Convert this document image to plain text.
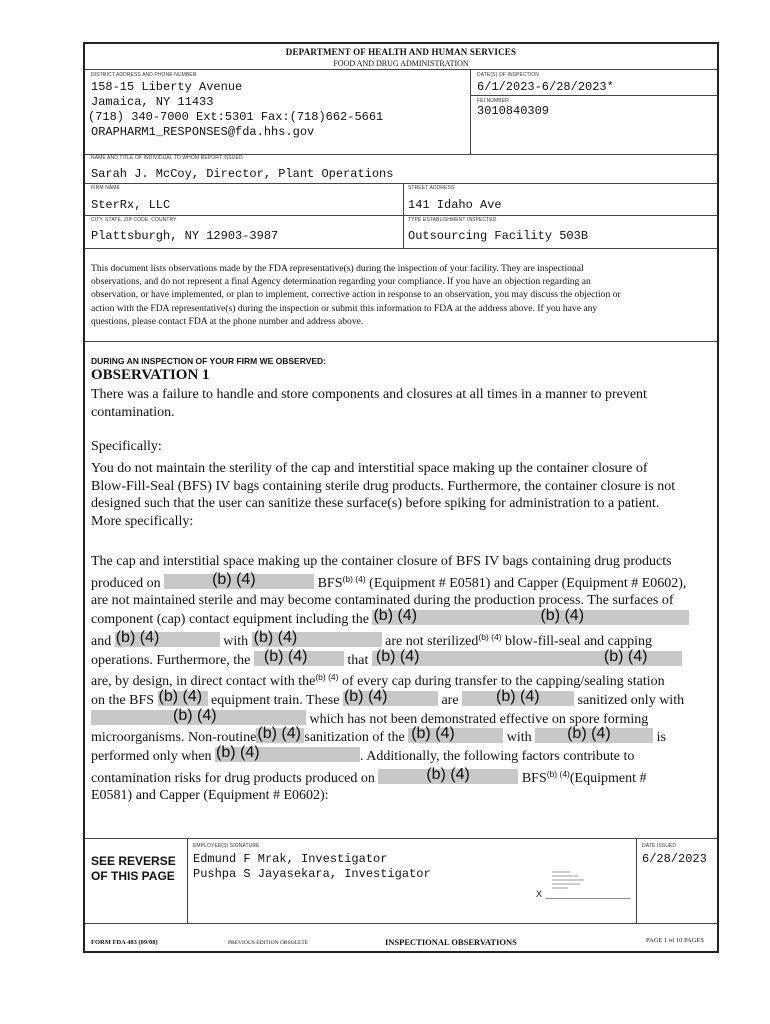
DEPARTMENT OF HEALTH AND HUMAN SERVICES
FOOD AND DRUG ADMINISTRATION
DISTRICT ADDRESS AND PHONE NUMBER
158-15 Liberty Avenue
Jamaica, NY 11433
(718) 340-7000 Ext:5301 Fax:(718)662-5661
ORAPHARM1_RESPONSES@fda.hhs.gov
DATE(S) OF INSPECTION
6/1/2023-6/28/2023*
FEI NUMBER
3010840309
NAME AND TITLE OF INDIVIDUAL TO WHOM REPORT ISSUED
Sarah J. McCoy, Director, Plant Operations
FIRM NAME
SterRx, LLC
STREET ADDRESS
141 Idaho Ave
CITY, STATE, ZIP CODE, COUNTRY
Plattsburgh, NY 12903-3987
TYPE ESTABLISHMENT INSPECTED
Outsourcing Facility 503B
This document lists observations made by the FDA representative(s) during the inspection of your facility. They are inspectional
observations, and do not represent a final Agency determination regarding your compliance. If you have an objection regarding an
observation, or have implemented, or plan to implement, corrective action in response to an observation, you may discuss the objection or
action with the FDA representative(s) during the inspection or submit this information to FDA at the address above. If you have any
questions, please contact FDA at the phone number and address above.
DURING AN INSPECTION OF YOUR FIRM WE OBSERVED:
OBSERVATION 1
There was a failure to handle and store components and closures at all times in a manner to prevent
contamination.
Specifically:
You do not maintain the sterility of the cap and interstitial space making up the container closure of
Blow-Fill-Seal (BFS) IV bags containing sterile drug products. Furthermore, the container closure is not
designed such that the user can sanitize these surface(s) before spiking for administration to a patient.
More specifically:
The cap and interstitial space making up the container closure of BFS IV bags containing drug products
produced on	(b) (4)	$BFS^{(b) (4)}$ (Equipment # E0581) and Capper (Equipment # E0602),
are not maintained sterile and may become contaminated during the production process. The surfaces of
component (cap) contact equipment including the (b) (4)	(b) (4)
and (b) (4)	with (b) (4)	are not sterilized$^{(b) (4)}$ blow-fill-seal and capping
operations. Furthermore, the (b) (4)	that (b) (4)	(b) (4)
are, by design, in direct contact with the$^{(b) (4)}$ of every cap during transfer to the capping/sealing station
on the BFS (b) (4) equipment train. These (b) (4)	are (b) (4)	sanitized only with
(b) (4)	which has not been demonstrated effective on spore forming
microorganisms. Non-routine (b) (4) sanitization of the (b) (4)	with (b) (4)	is
performed only when (b) (4)	. Additionally, the following factors contribute to
contamination risks for drug products produced on	(b) (4)	$BFS^{(b) (4)}(Equipment$ #
E0581) and Capper (Equipment # E0602):
SEE REVERSE
OF THIS PAGE
EMPLOYEE(S) SIGNATURE
Edmund F Mrak, Investigator
Pushpa S Jayasekara, Investigator
X
DATE ISSUED
6/28/2023
FORM FDA 483 (09/08)	PREVIOUS EDITION OBSOLETE	INSPECTIONAL OBSERVATIONS	PAGE 1 of 10 PAGES
